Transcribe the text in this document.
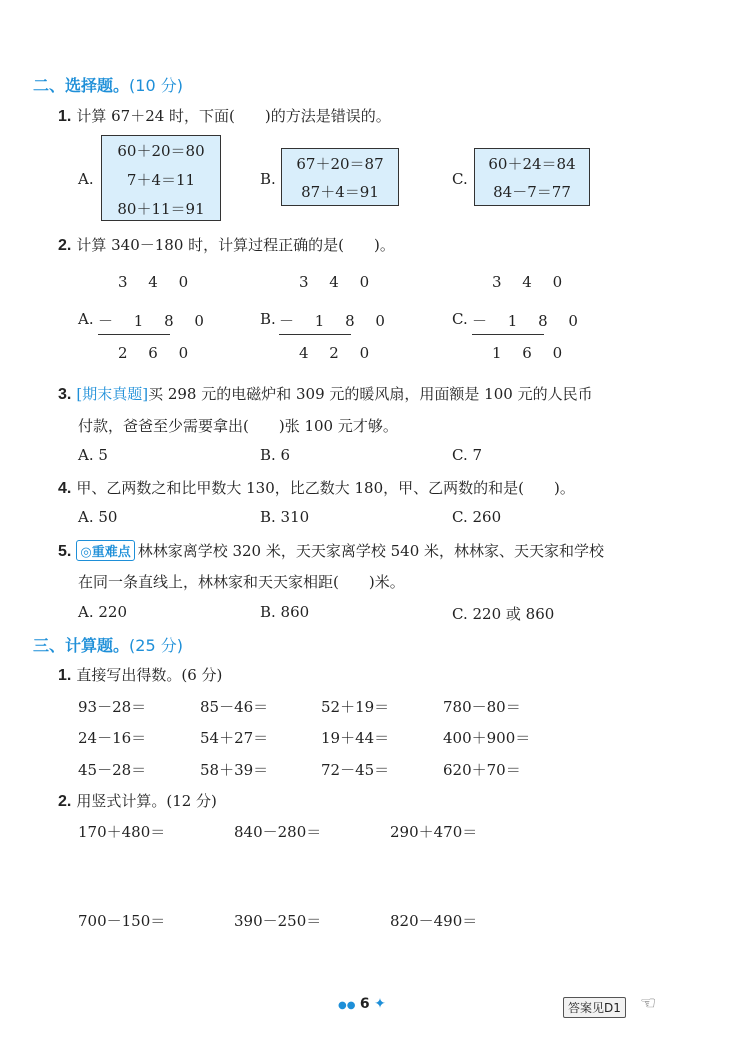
二、选择题。(10 分)
1. 计算 67＋24 时，下面(　　)的方法是错误的。
A.
60＋20＝80
7＋4＝11
80＋11＝91
B.
67＋20＝87
87＋4＝91
C.
60＋24＝84
84－7＝77
2. 计算 340－180 时，计算过程正确的是(　　)。
3 4 0
A. － 1 8 0
2 6 0
3 4 0
B. － 1 8 0
4 2 0
3 4 0
C. － 1 8 0
1 6 0
3. [期末真题]买 298 元的电磁炉和 309 元的暖风扇，用面额是 100 元的人民币
付款，爸爸至少需要拿出(　　)张 100 元才够。
A. 5	B. 6	C. 7
4. 甲、乙两数之和比甲数大 130，比乙数大 180，甲、乙两数的和是(　　)。
A. 50	B. 310	C. 260
5. ◎重难点 林林家离学校 320 米，天天家离学校 540 米，林林家、天天家和学校
在同一条直线上，林林家和天天家相距(　　)米。
A. 220	B. 860	C. 220 或 860
三、计算题。(25 分)
1. 直接写出得数。(6 分)
93－28＝	85－46＝	52＋19＝	780－80＝
24－16＝	54＋27＝	19＋44＝	400＋900＝
45－28＝	58＋39＝	72－45＝	620＋70＝
2. 用竖式计算。(12 分)
170＋480＝	840－280＝	290＋470＝
700－150＝	390－250＝	820－490＝
●● 6 ✦	答案见D1 ☜
